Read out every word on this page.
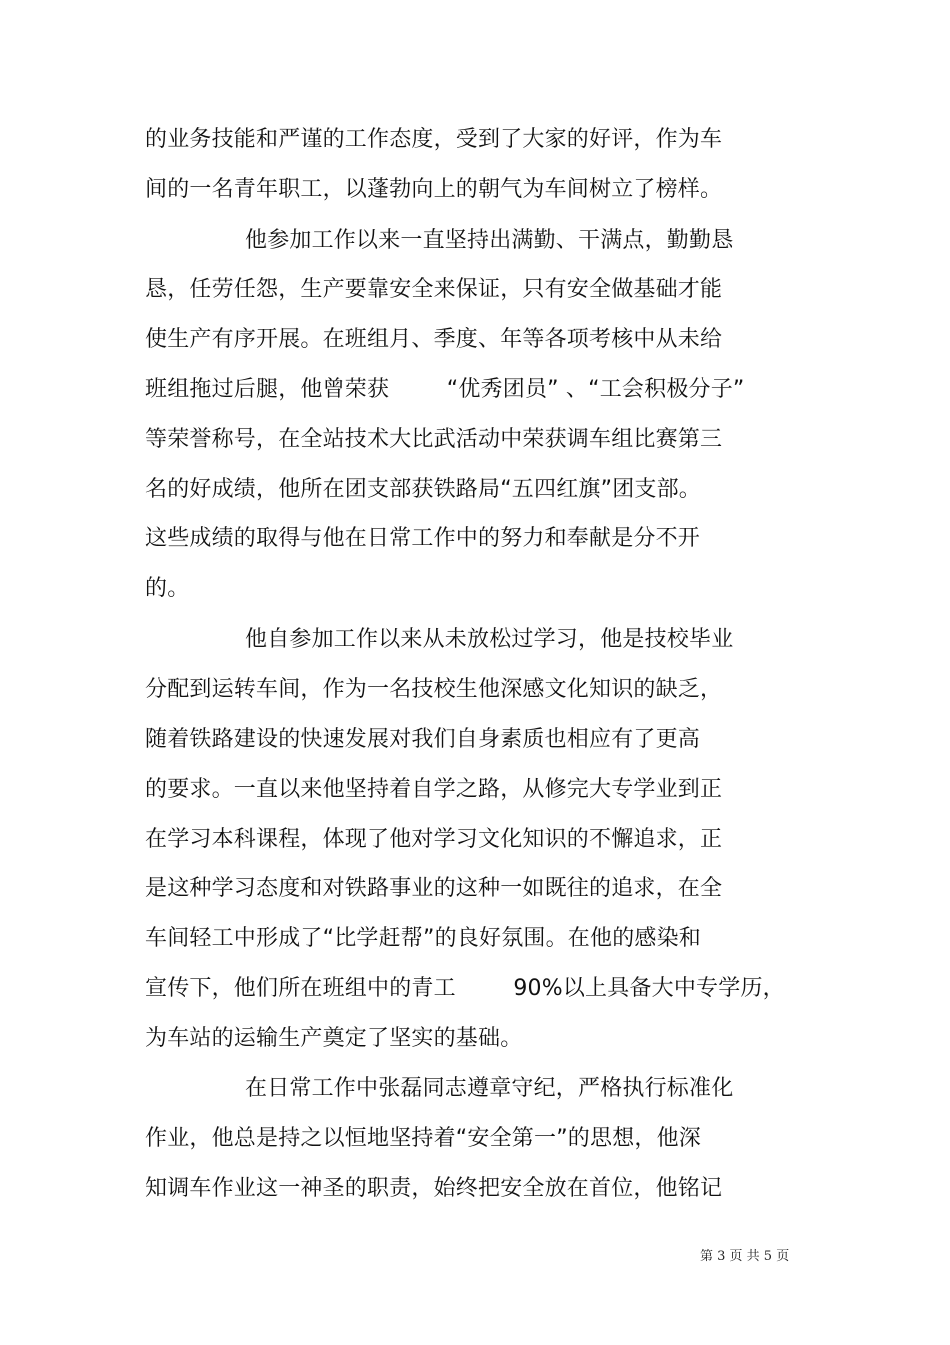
的业务技能和严谨的工作态度，受到了大家的好评，作为车
间的一名青年职工，以蓬勃向上的朝气为车间树立了榜样。
他参加工作以来一直坚持出满勤、干满点，勤勤恳
恳，任劳任怨，生产要靠安全来保证，只有安全做基础才能
使生产有序开展。在班组月、季度、年等各项考核中从未给
班组拖过后腿，他曾荣获        “优秀团员” 、“工会积极分子”
等荣誉称号，在全站技术大比武活动中荣获调车组比赛第三
名的好成绩，他所在团支部获铁路局“五四红旗”团支部。
这些成绩的取得与他在日常工作中的努力和奉献是分不开
的。
他自参加工作以来从未放松过学习，他是技校毕业
分配到运转车间，作为一名技校生他深感文化知识的缺乏，
随着铁路建设的快速发展对我们自身素质也相应有了更高
的要求。一直以来他坚持着自学之路，从修完大专学业到正
在学习本科课程，体现了他对学习文化知识的不懈追求，正
是这种学习态度和对铁路事业的这种一如既往的追求，在全
车间轻工中形成了“比学赶帮”的良好氛围。在他的感染和
宣传下，他们所在班组中的青工        90%以上具备大中专学历，
为车站的运输生产奠定了坚实的基础。
在日常工作中张磊同志遵章守纪，严格执行标准化
作业，他总是持之以恒地坚持着“安全第一”的思想，他深
知调车作业这一神圣的职责，始终把安全放在首位，他铭记
第 3 页 共 5 页
